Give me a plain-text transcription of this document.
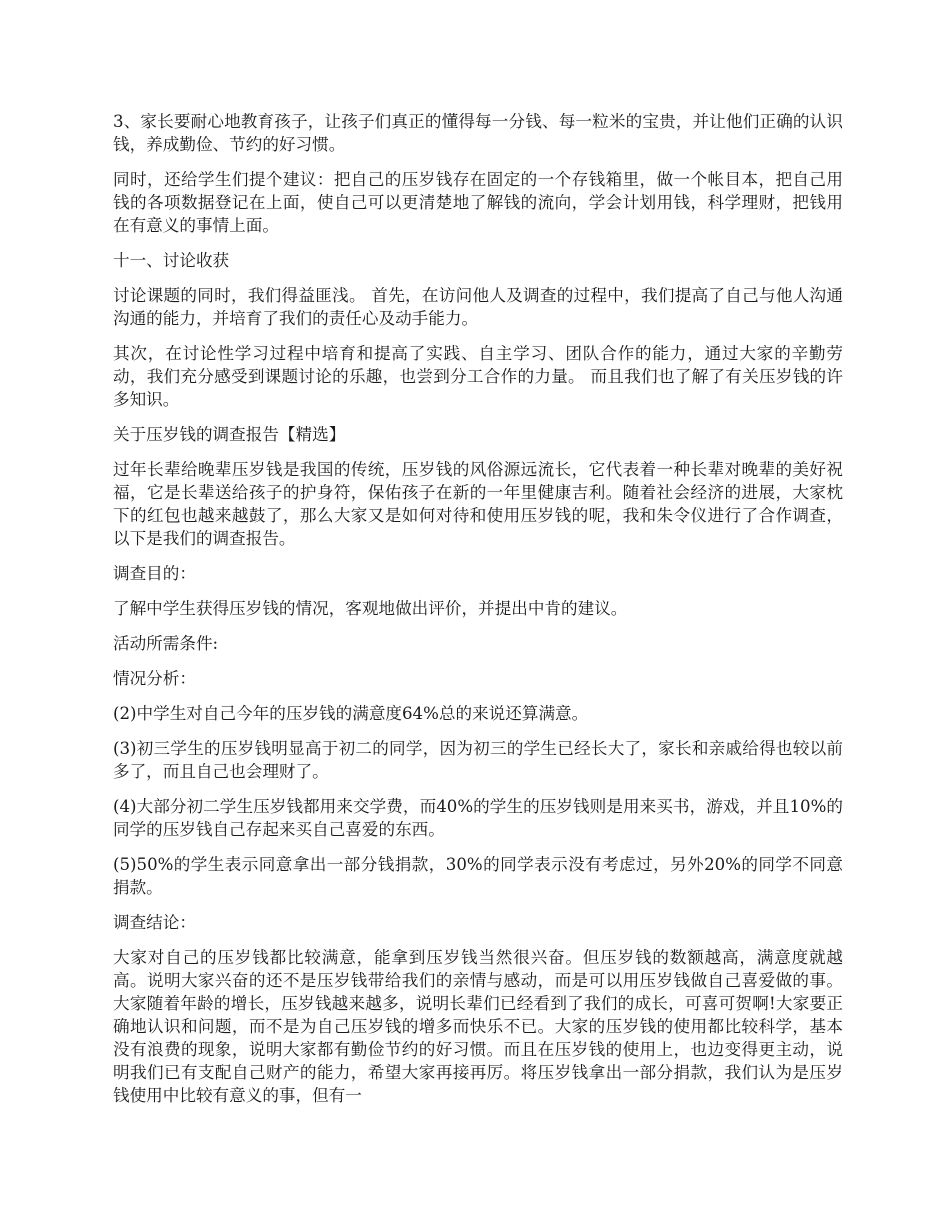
3、家长要耐心地教育孩子，让孩子们真正的懂得每一分钱、每一粒米的宝贵，并让他们正确的认识钱，养成勤俭、节约的好习惯。

同时，还给学生们提个建议：把自己的压岁钱存在固定的一个存钱箱里，做一个帐目本，把自己用钱的各项数据登记在上面，使自己可以更清楚地了解钱的流向，学会计划用钱，科学理财，把钱用在有意义的事情上面。

十一、讨论收获

讨论课题的同时，我们得益匪浅。 首先，在访问他人及调查的过程中，我们提高了自己与他人沟通沟通的能力，并培育了我们的责任心及动手能力。

其次，在讨论性学习过程中培育和提高了实践、自主学习、团队合作的能力，通过大家的辛勤劳动，我们充分感受到课题讨论的乐趣，也尝到分工合作的力量。 而且我们也了解了有关压岁钱的许多知识。

关于压岁钱的调查报告【精选】

过年长辈给晚辈压岁钱是我国的传统，压岁钱的风俗源远流长，它代表着一种长辈对晚辈的美好祝福，它是长辈送给孩子的护身符，保佑孩子在新的一年里健康吉利。随着社会经济的进展，大家枕下的红包也越来越鼓了，那么大家又是如何对待和使用压岁钱的呢，我和朱令仪进行了合作调查，以下是我们的调查报告。

调查目的：

了解中学生获得压岁钱的情况，客观地做出评价，并提出中肯的建议。

活动所需条件:

情况分析：

(2)中学生对自己今年的压岁钱的满意度64%总的来说还算满意。

(3)初三学生的压岁钱明显高于初二的同学，因为初三的学生已经长大了，家长和亲戚给得也较以前多了，而且自己也会理财了。

(4)大部分初二学生压岁钱都用来交学费，而40%的学生的压岁钱则是用来买书，游戏，并且10%的同学的压岁钱自己存起来买自己喜爱的东西。

(5)50%的学生表示同意拿出一部分钱捐款，30%的同学表示没有考虑过，另外20%的同学不同意捐款。

调查结论：

大家对自己的压岁钱都比较满意，能拿到压岁钱当然很兴奋。但压岁钱的数额越高，满意度就越高。说明大家兴奋的还不是压岁钱带给我们的亲情与感动，而是可以用压岁钱做自己喜爱做的事。大家随着年龄的增长，压岁钱越来越多，说明长辈们已经看到了我们的成长，可喜可贺啊!大家要正确地认识和问题，而不是为自己压岁钱的增多而快乐不已。大家的压岁钱的使用都比较科学，基本没有浪费的现象，说明大家都有勤俭节约的好习惯。而且在压岁钱的使用上，也边变得更主动，说明我们已有支配自己财产的能力，希望大家再接再厉。将压岁钱拿出一部分捐款，我们认为是压岁钱使用中比较有意义的事，但有一
